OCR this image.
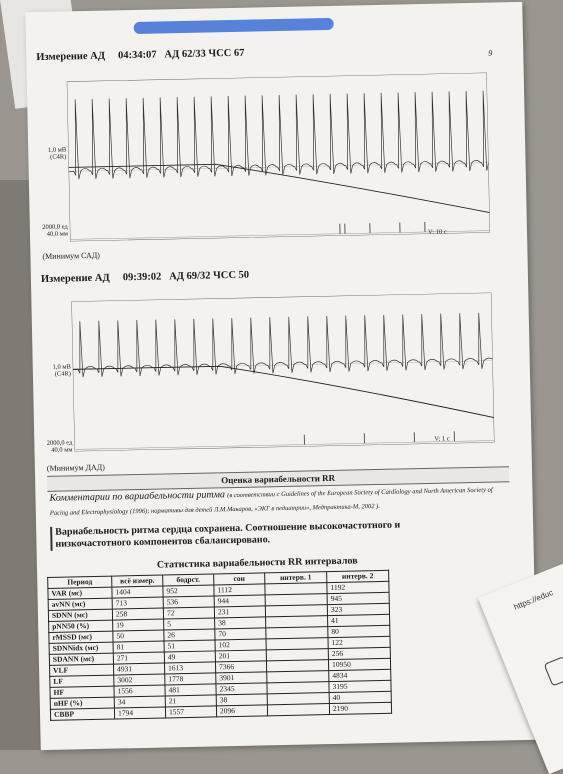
9
Измерение АД 04:34:07 АД 62/33 ЧСС 67
1,0 мВ
(C4R)
2000,0 ед
40,0 мм	V: 10 с
(Минимум САД)
Измерение АД 09:39:02 АД 69/32 ЧСС 50
1,0 мВ
(C4R)
2000,0 ед
40,0 мм
V: 1 с
(Минимум ДАД)
Оценка вариабельности RR
Комментарии по вариабельности ритма (в соответствии с Guidelines of the European Society of Cardiology and North American Society of Pacing and Electrophysiology (1996); нормативы для детей Л.М.Макаров, «ЭКГ в педиатрии», Медпрактика-М, 2002 ).
Вариабельность ритма сердца сохранена. Соотношение высокочастотного и низкочастотного компонентов сбалансировано.
Статистика вариабельности RR интервалов
Период	всё измер.	бодрст.	сон	интерв. 1	интерв. 2
VAR (мс)	1404	952	1112		1192
avNN (мс)	713	536	944		945
SDNN (мс)	258	72	231		323
pNN50 (%)	19	5	38		41
rMSSD (мс)	50	26	70		80
SDNNidx (мс)	81	51	102		122
SDANN (мс)	271	49	201		256
VLF	4931	1613	7366		10950
LF	3002	1778	3901		4834
HF	1556	481	2345		3195
nHF (%)	34	21	38		40
СВВР	1794	1557	2096		2190
https://educ
